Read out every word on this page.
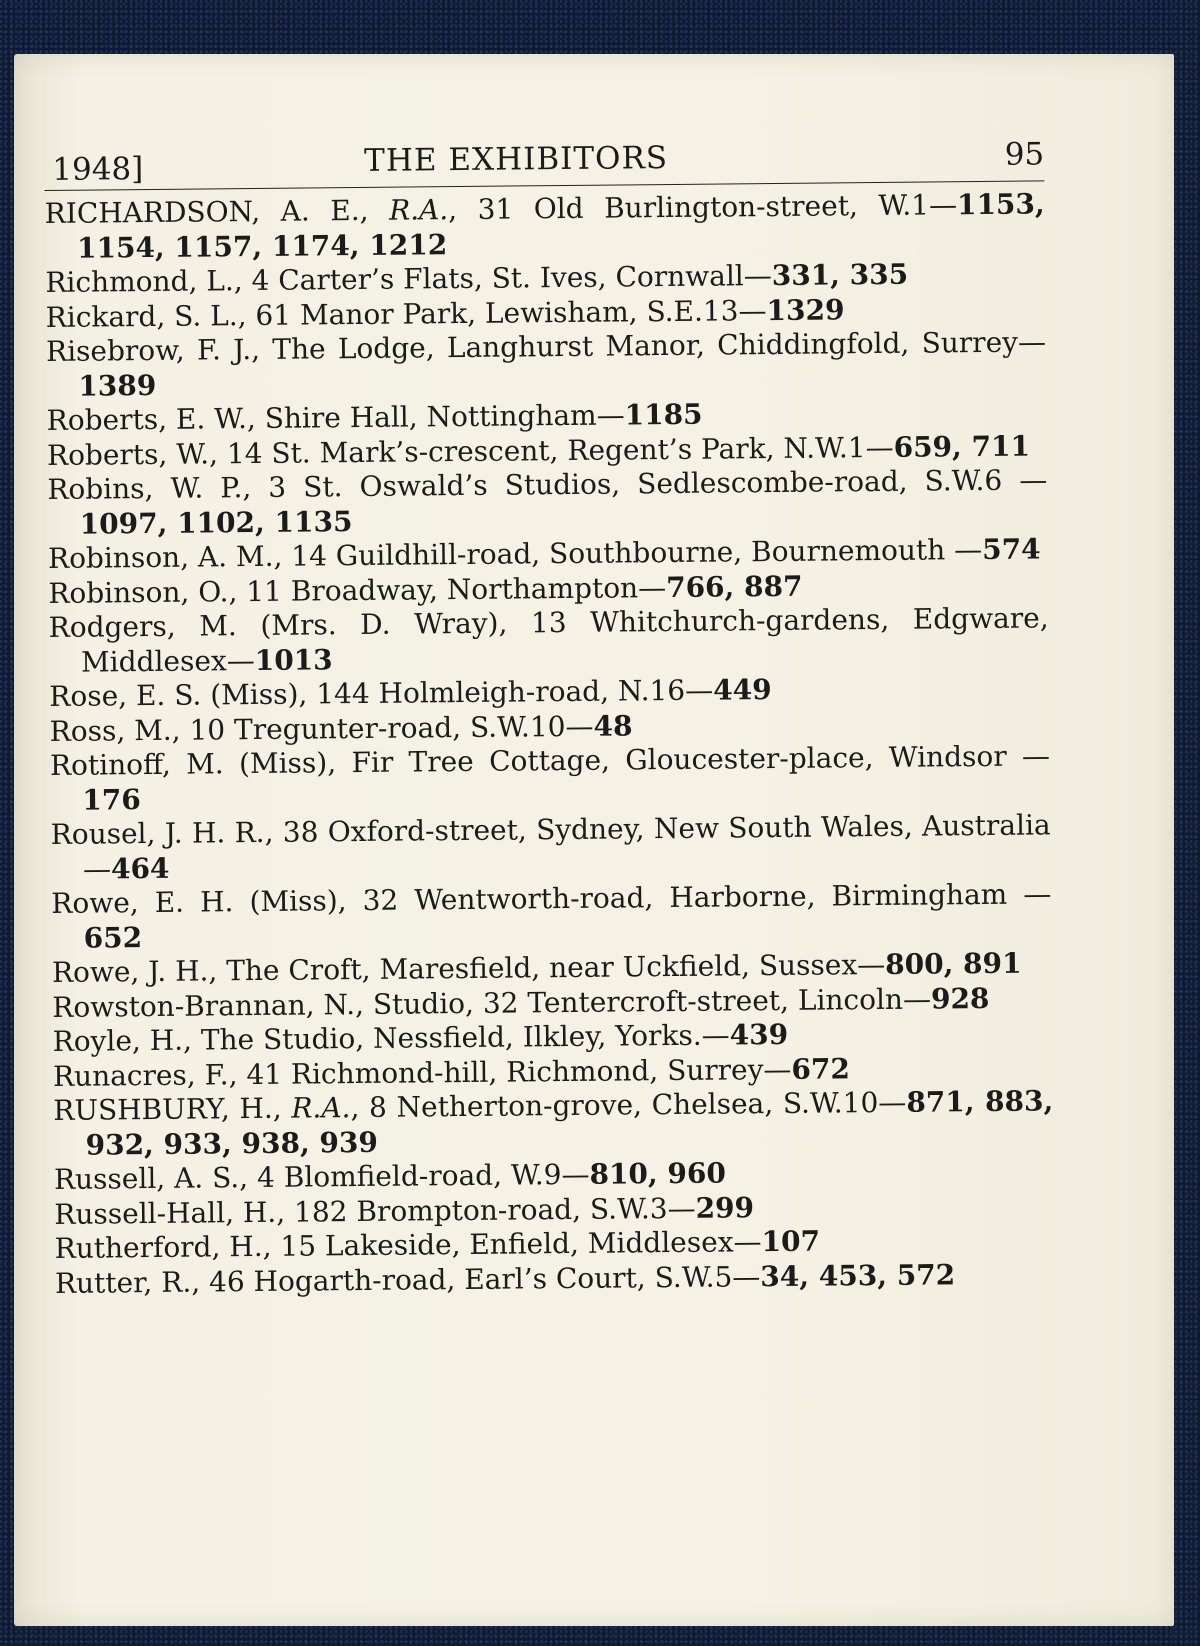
1948]	THE EXHIBITORS	95
RICHARDSON, A. E., R.A., 31 Old Burlington-street, W.1—1153, 1154, 1157, 1174, 1212
Richmond, L., 4 Carter’s Flats, St. Ives, Cornwall—331, 335
Rickard, S. L., 61 Manor Park, Lewisham, S.E.13—1329
Risebrow, F. J., The Lodge, Langhurst Manor, Chiddingfold, Surrey—1389
Roberts, E. W., Shire Hall, Nottingham—1185
Roberts, W., 14 St. Mark’s-crescent, Regent’s Park, N.W.1—659, 711
Robins, W. P., 3 St. Oswald’s Studios, Sedlescombe-road, S.W.6 —1097, 1102, 1135
Robinson, A. M., 14 Guildhill-road, Southbourne, Bournemouth —574
Robinson, O., 11 Broadway, Northampton—766, 887
Rodgers, M. (Mrs. D. Wray), 13 Whitchurch-gardens, Edgware, Middlesex—1013
Rose, E. S. (Miss), 144 Holmleigh-road, N.16—449
Ross, M., 10 Tregunter-road, S.W.10—48
Rotinoff, M. (Miss), Fir Tree Cottage, Gloucester-place, Windsor —176
Rousel, J. H. R., 38 Oxford-street, Sydney, New South Wales, Australia—464
Rowe, E. H. (Miss), 32 Wentworth-road, Harborne, Birmingham —652
Rowe, J. H., The Croft, Maresfield, near Uckfield, Sussex—800, 891
Rowston-Brannan, N., Studio, 32 Tentercroft-street, Lincoln—928
Royle, H., The Studio, Nessfield, Ilkley, Yorks.—439
Runacres, F., 41 Richmond-hill, Richmond, Surrey—672
RUSHBURY, H., R.A., 8 Netherton-grove, Chelsea, S.W.10—871, 883, 932, 933, 938, 939
Russell, A. S., 4 Blomfield-road, W.9—810, 960
Russell-Hall, H., 182 Brompton-road, S.W.3—299
Rutherford, H., 15 Lakeside, Enfield, Middlesex—107
Rutter, R., 46 Hogarth-road, Earl’s Court, S.W.5—34, 453, 572
